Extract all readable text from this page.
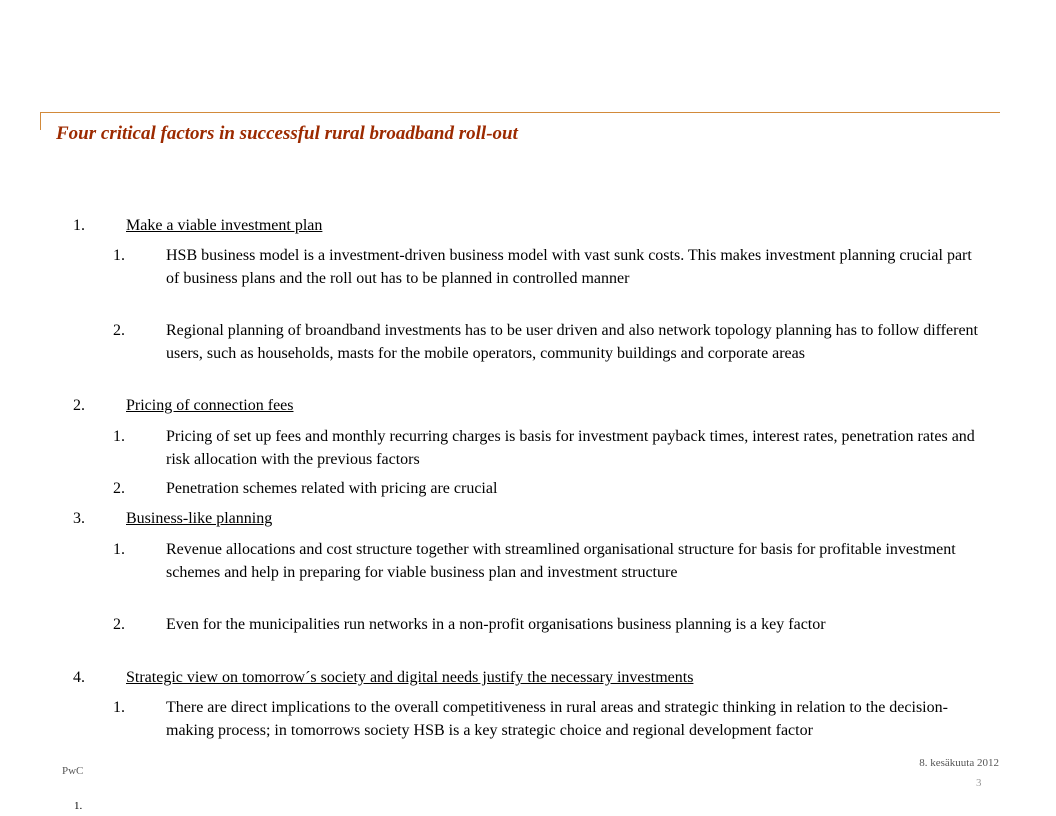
Four critical factors in successful rural broadband roll-out
1.	Make a viable investment plan
1.	HSB business model is a investment-driven business model with vast sunk costs. This makes investment planning crucial part of business plans and the roll out has to be planned in controlled manner
2.	Regional planning of broandband investments has to be user driven and also network topology planning has to follow different users, such as households, masts for the mobile operators, community buildings and corporate areas
2.	Pricing of connection fees
1.	Pricing of set up fees and monthly recurring charges is basis for investment payback times, interest rates, penetration rates and risk allocation with the previous factors
2.	Penetration schemes related with pricing are crucial
3.	Business-like planning
1.	Revenue allocations and cost structure together with streamlined organisational structure for basis for profitable investment schemes and help in preparing for viable business plan and investment structure
2.	Even for the municipalities run networks in a non-profit organisations business planning is a key factor
4.	Strategic view on tomorrow´s society and digital needs justify the necessary investments
1.	There are direct implications to the overall competitiveness in rural areas and strategic thinking in relation to the decision-making process; in tomorrows society HSB is a key strategic choice and regional development factor
PwC
8. kesäkuuta 2012
3
1.
